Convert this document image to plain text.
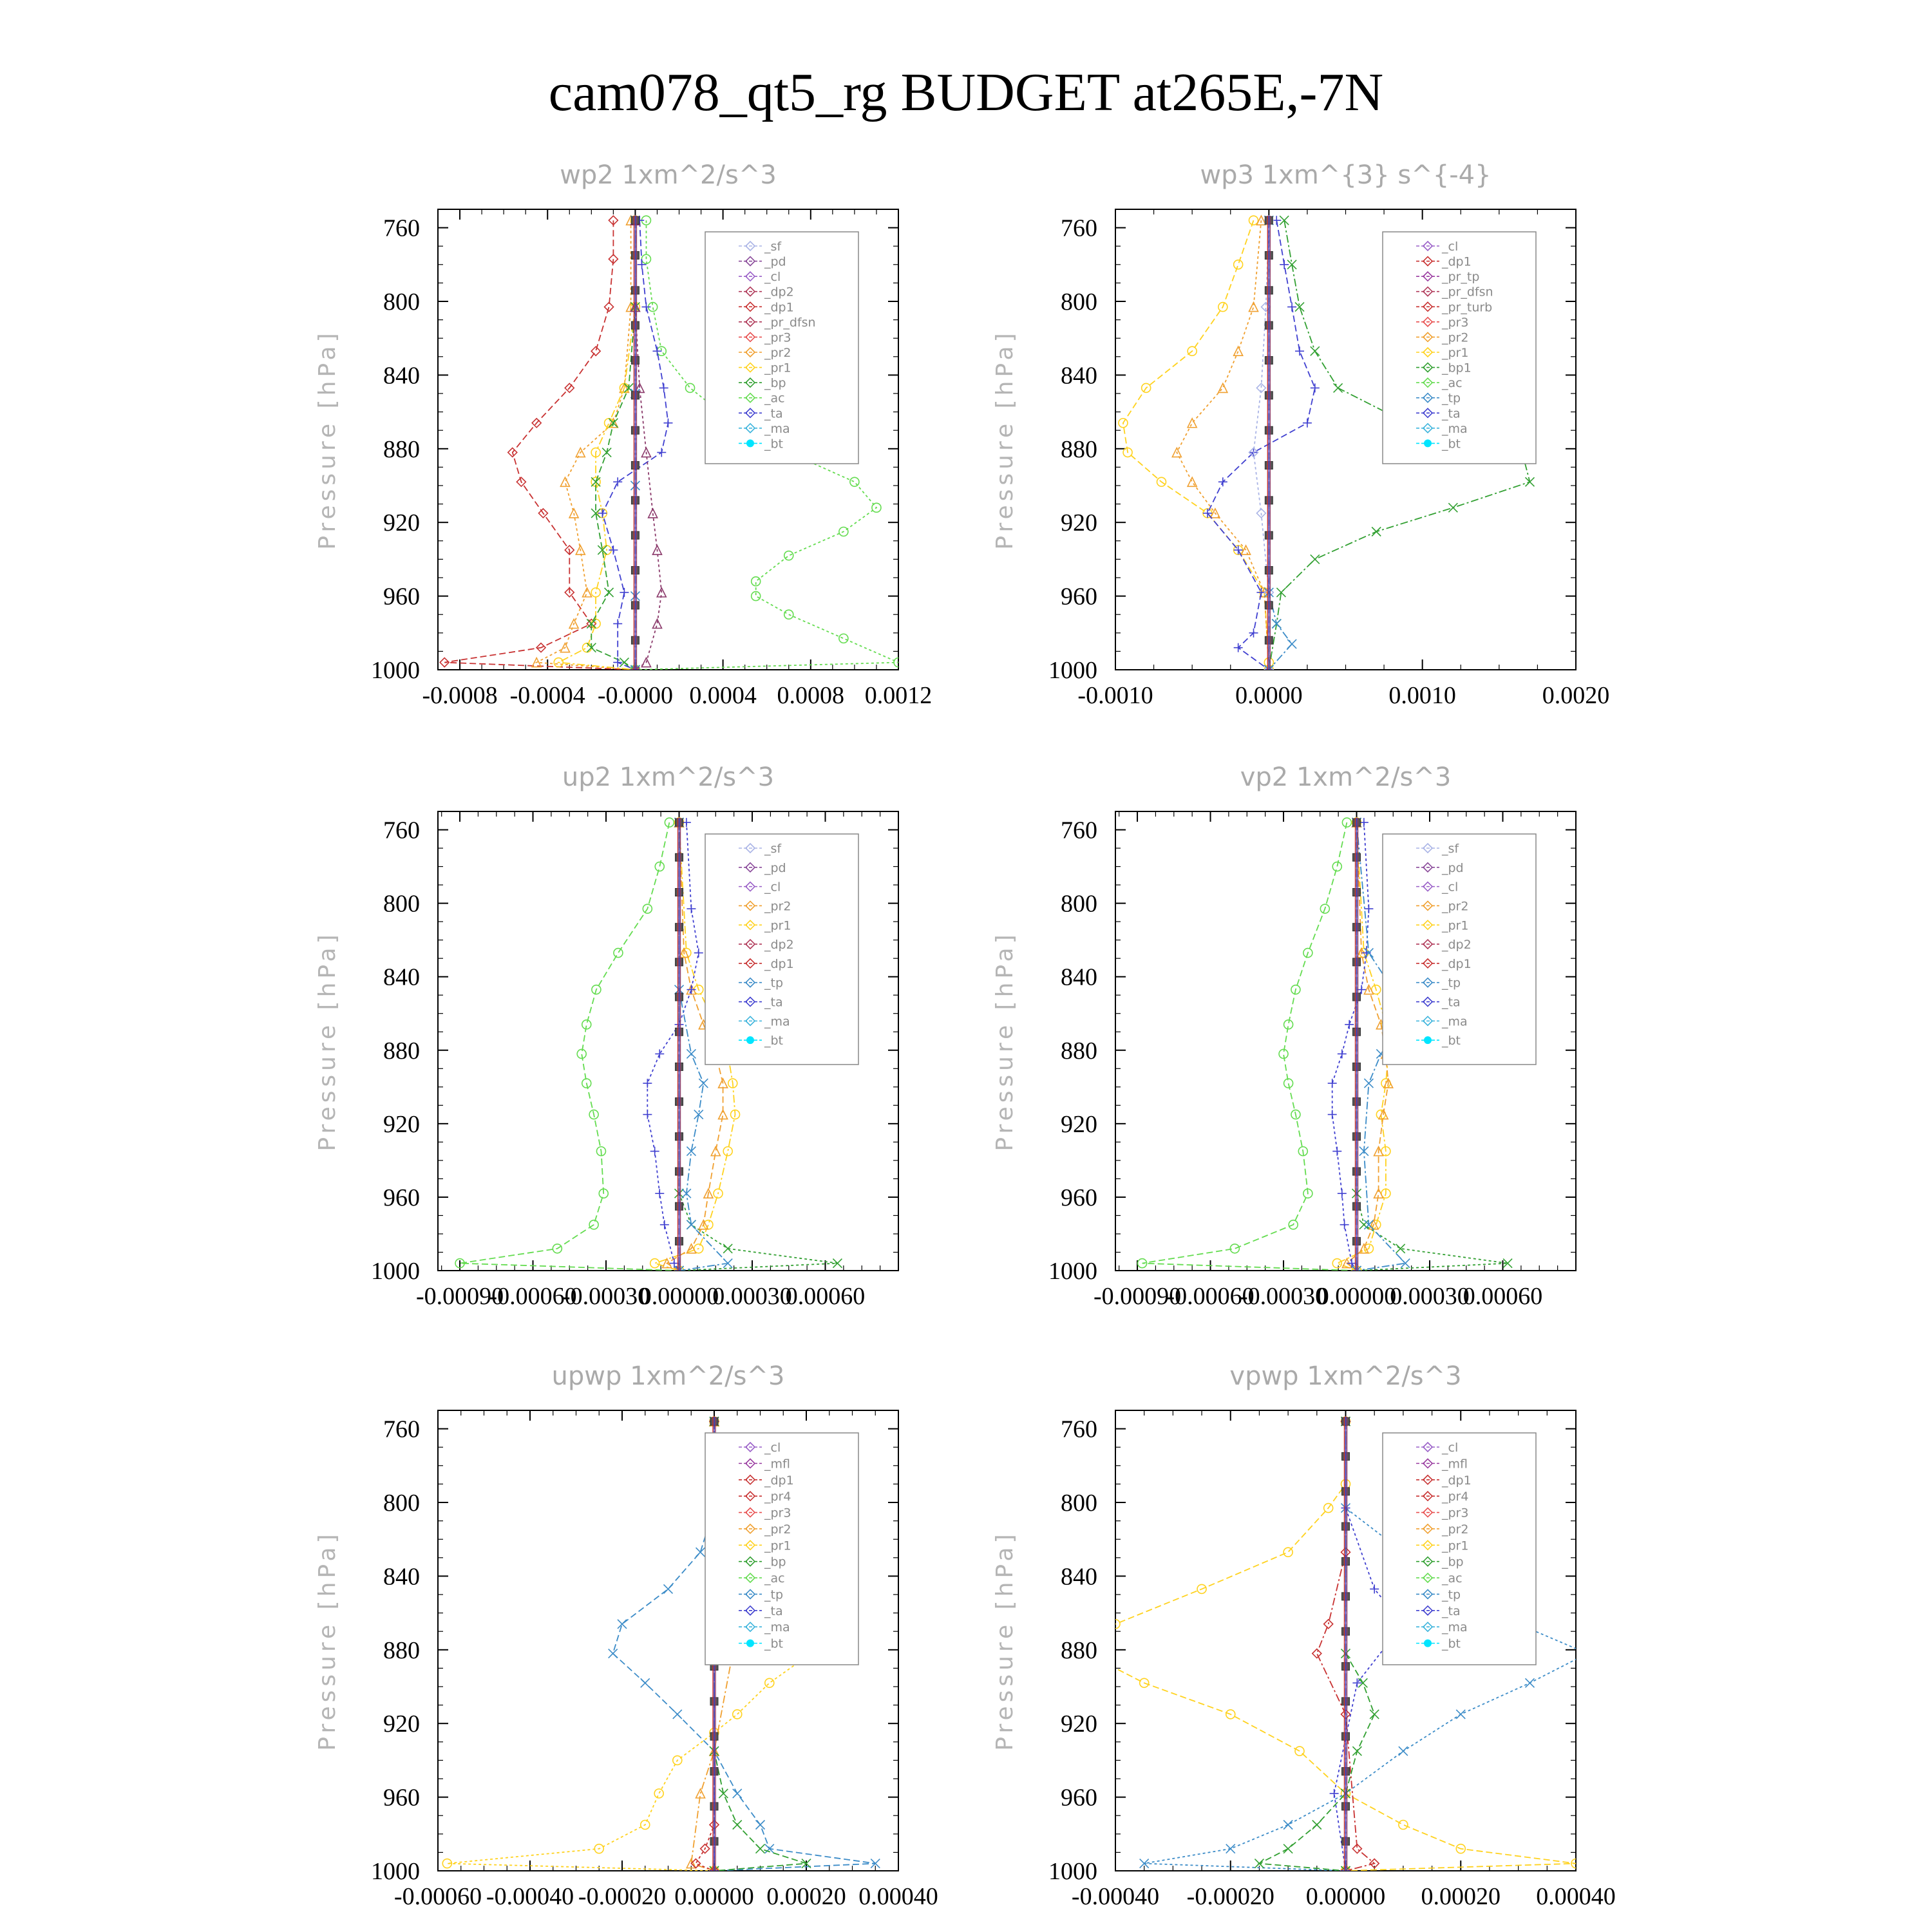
cam078_qt5_rg BUDGET at265E,-7N
wp2 1xm^2/s^3
Pressure [hPa]
760
800
840
880
920
960
1000
-0.0008 -0.0004 -0.0000 0.0004 0.0008 0.0012
_sf
_pd
_cl
_dp2
_dp1
_pr_dfsn
_pr3
_pr2
_pr1
_bp
_ac
_ta
_ma
_bt
wp3 1xm^{3} s^{-4}
Pressure [hPa]
760
800
840
880
920
960
1000
-0.0010	0.0000	0.0010	0.0020
_cl
_dp1
_pr_tp
_pr_dfsn
_pr_turb
_pr3
_pr2
_pr1
_bp1
_ac
_tp
_ta
_ma
_bt
up2 1xm^2/s^3
Pressure [hPa]
760
800
840
880
920
960
1000
-0.00090
-0.00060
-0.00030
0.00000
0.00030
0.00060
_sf
_pd
_cl
_pr2
_pr1
_dp2
_dp1
_tp
_ta
_ma
_bt
vp2 1xm^2/s^3
Pressure [hPa]
760
800
840
880
920
960
1000
-0.00090
-0.00060
-0.00030
0.00000
0.00030
0.00060
_sf
_pd
_cl
_pr2
_pr1
_dp2
_dp1
_tp
_ta
_ma
_bt
upwp 1xm^2/s^3
Pressure [hPa]
760
800
840
880
920
960
1000
-0.00060 -0.00040 -0.00020 0.00000 0.00020 0.00040
_cl
_mfl
_dp1
_pr4
_pr3
_pr2
_pr1
_bp
_ac
_tp
_ta
_ma
_bt
vpwp 1xm^2/s^3
Pressure [hPa]
760
800
840
880
920
960
1000
-0.00040 -0.00020 0.00000 0.00020 0.00040
_cl
_mfl
_dp1
_pr4
_pr3
_pr2
_pr1
_bp
_ac
_tp
_ta
_ma
_bt
